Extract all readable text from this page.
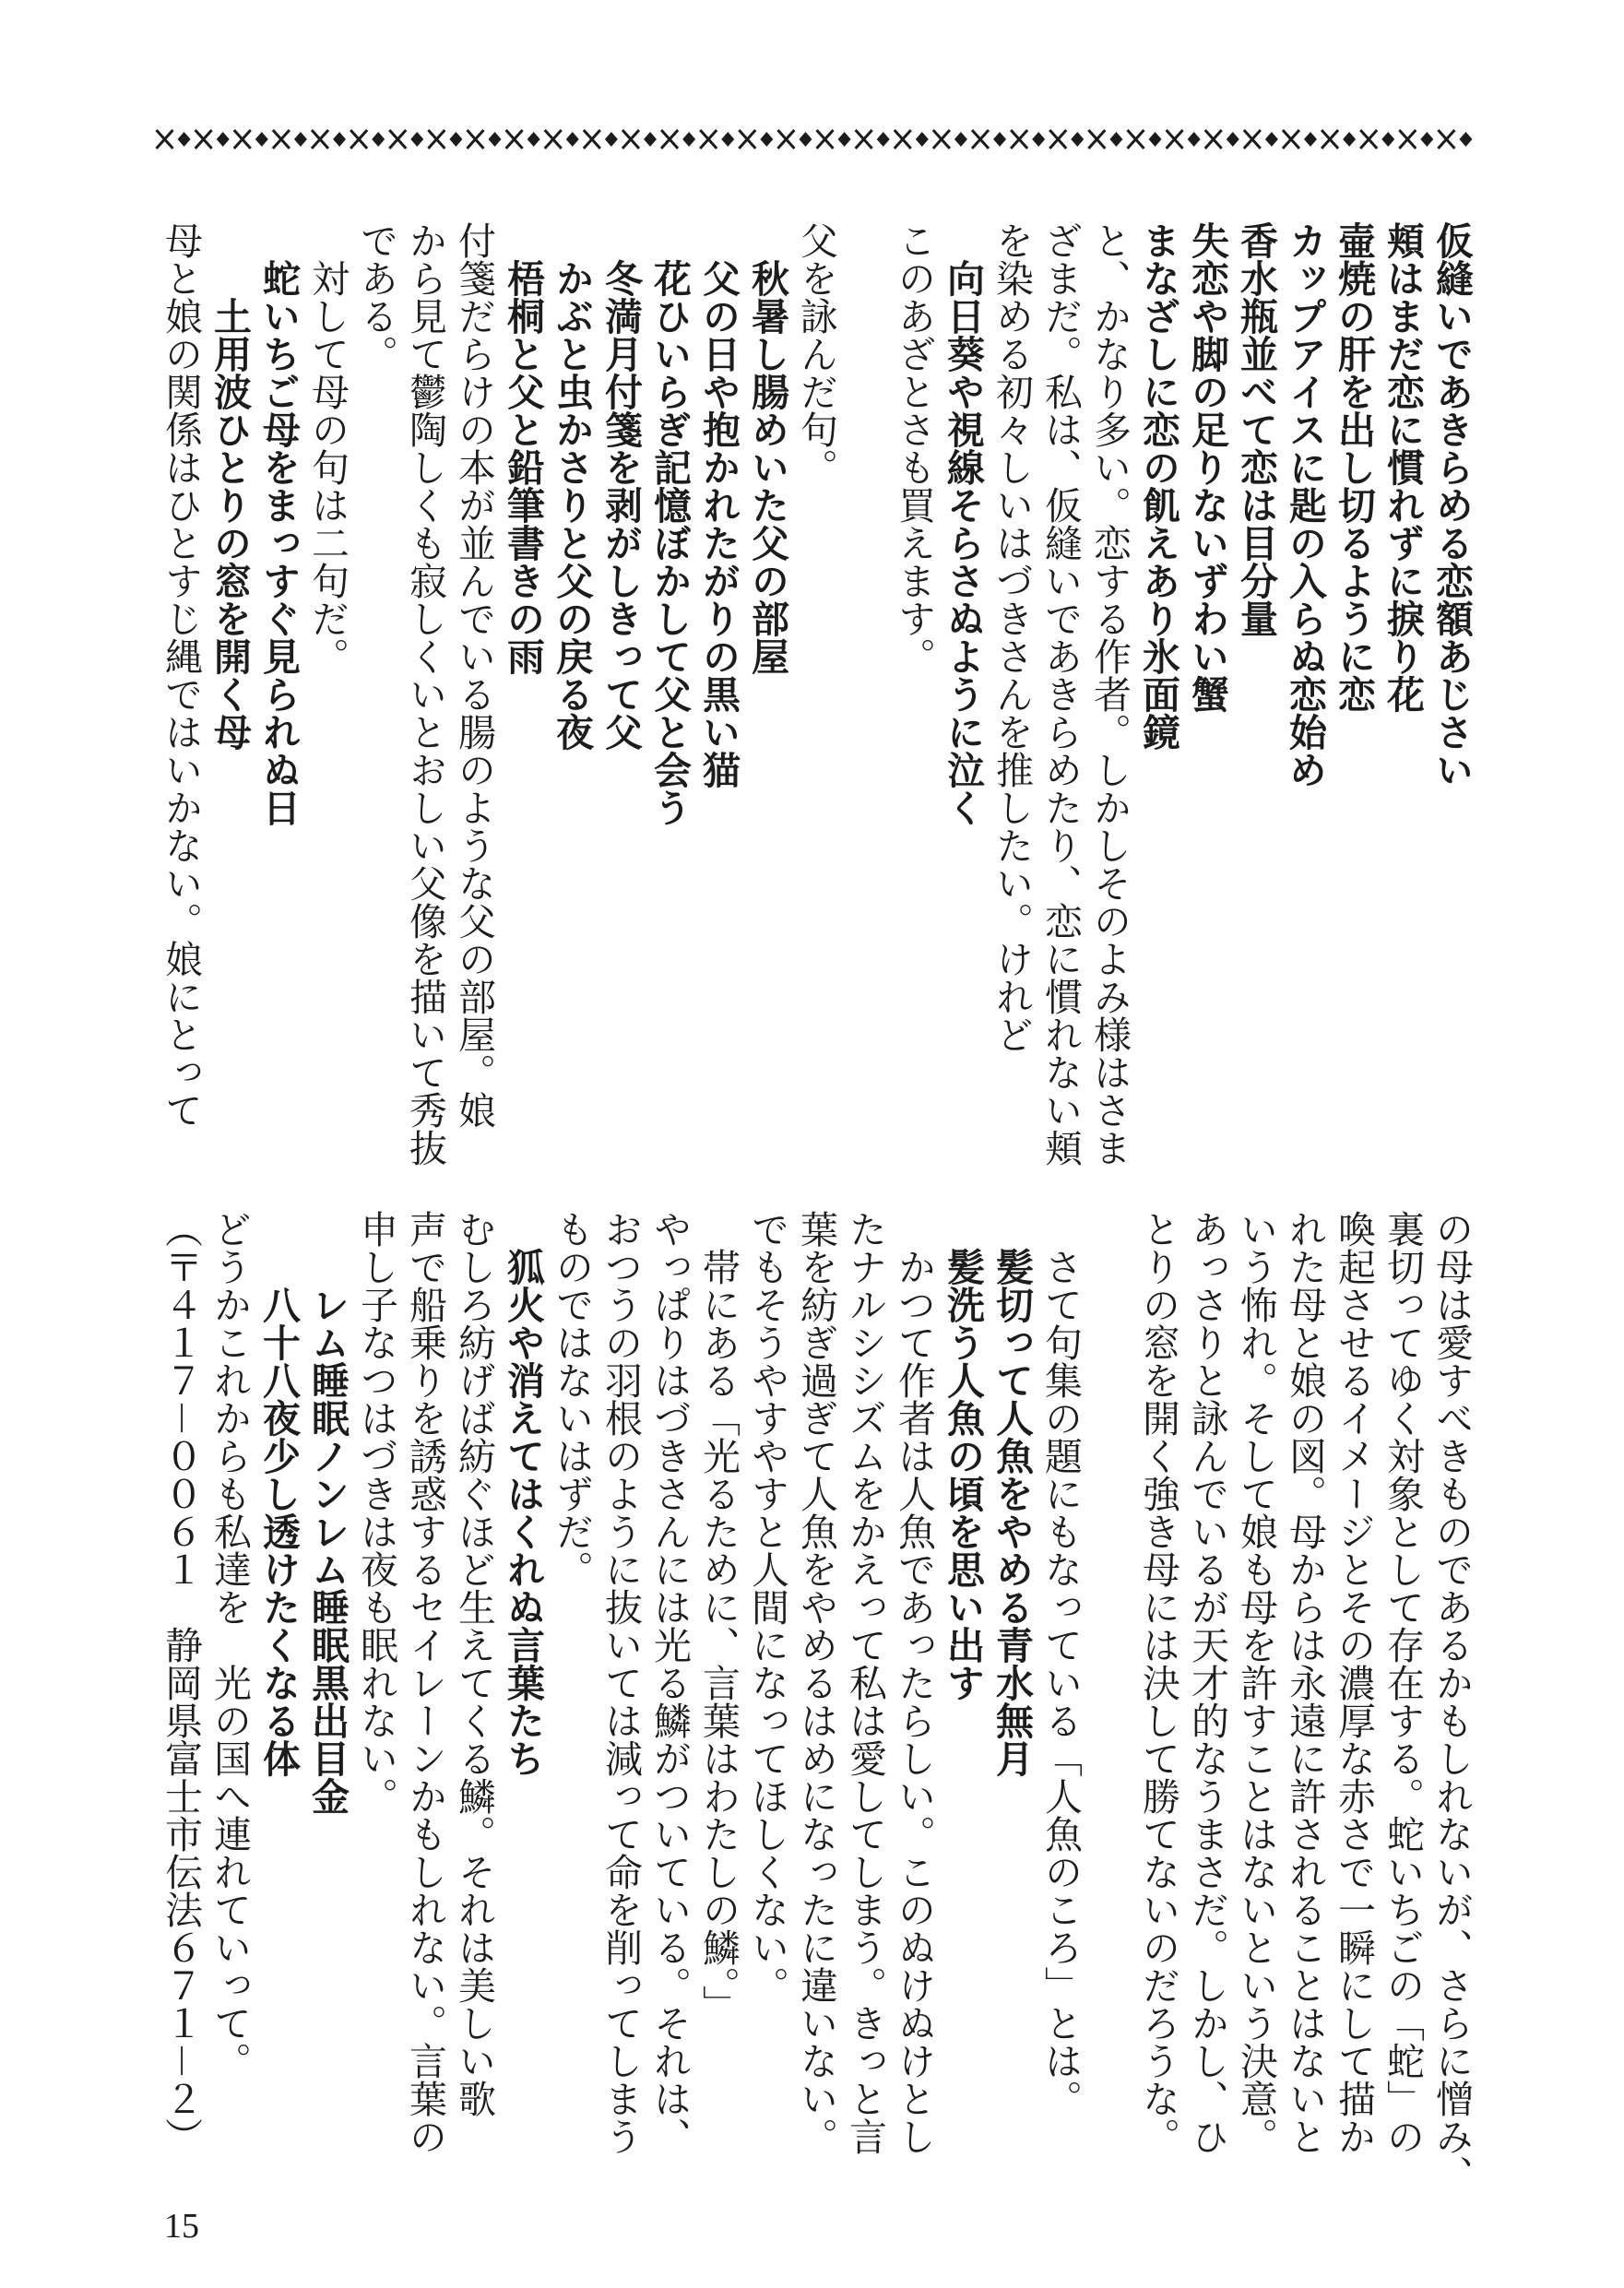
仮縫いであきらめる恋額あじさい
頬はまだ恋に慣れずに捩り花
壷焼の肝を出し切るように恋
カップアイスに匙の入らぬ恋始め
香水瓶並べて恋は目分量
失恋や脚の足りないずわい蟹
まなざしに恋の飢えあり氷面鏡
と、かなり多い。恋する作者。しかしそのよみ様はさま
ざまだ。私は、仮縫いであきらめたり、恋に慣れない頬
を染める初々しいはづきさんを推したい。けれど
向日葵や視線そらさぬように泣く
このあざとさも買えます。
父を詠んだ句。
秋暑し腸めいた父の部屋
父の日や抱かれたがりの黒い猫
花ひいらぎ記憶ぼかして父と会う
冬満月付箋を剥がしきって父
かぶと虫かさりと父の戻る夜
梧桐と父と鉛筆書きの雨
付箋だらけの本が並んでいる腸のような父の部屋。娘
から見て鬱陶しくも寂しくいとおしい父像を描いて秀抜
である。
対して母の句は二句だ。
蛇いちご母をまっすぐ見られぬ日
土用波ひとりの窓を開く母
母と娘の関係はひとすじ縄ではいかない。娘にとって
の母は愛すべきものであるかもしれないが、さらに憎み、
裏切ってゆく対象として存在する。蛇いちごの「蛇」の
喚起させるイメージとその濃厚な赤さで一瞬にして描か
れた母と娘の図。母からは永遠に許されることはないと
いう怖れ。そして娘も母を許すことはないという決意。
あっさりと詠んでいるが天才的なうまさだ。しかし、ひ
とりの窓を開く強き母には決して勝てないのだろうな。
さて句集の題にもなっている「人魚のころ」とは。
髪切って人魚をやめる青水無月
髪洗う人魚の頃を思い出す
かつて作者は人魚であったらしい。このぬけぬけとし
たナルシシズムをかえって私は愛してしまう。きっと言
葉を紡ぎ過ぎて人魚をやめるはめになったに違いない。
でもそうやすやすと人間になってほしくない。
帯にある「光るために、言葉はわたしの鱗。」
やっぱりはづきさんには光る鱗がついている。それは、
おつうの羽根のように抜いては減って命を削ってしまう
ものではないはずだ。
狐火や消えてはくれぬ言葉たち
むしろ紡げば紡ぐほど生えてくる鱗。それは美しい歌
声で船乗りを誘惑するセイレーンかもしれない。言葉の
申し子なつはづきは夜も眠れない。
レム睡眠ノンレム睡眠黒出目金
八十八夜少し透けたくなる体
どうかこれからも私達を　光の国へ連れていって。
（〒４１７－００６１　静岡県富士市伝法６７１－２）
15
